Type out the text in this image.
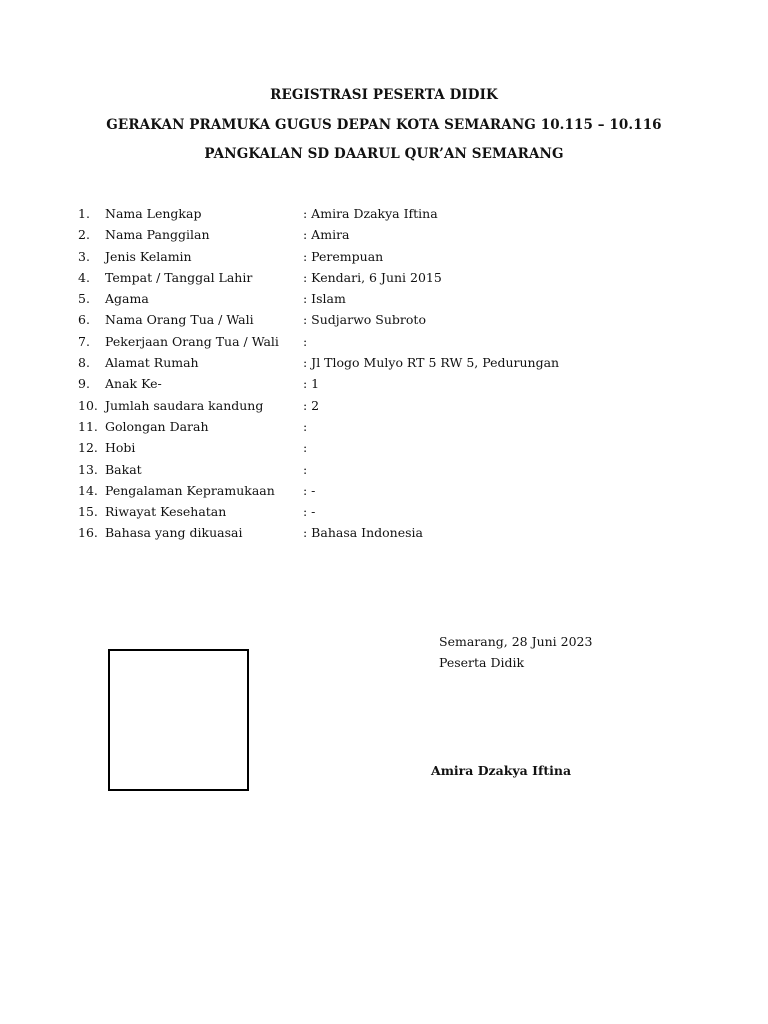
REGISTRASI PESERTA DIDIK
GERAKAN PRAMUKA GUGUS DEPAN KOTA SEMARANG 10.115 – 10.116
PANGKALAN SD DAARUL QUR’AN SEMARANG
1. Nama Lengkap	: Amira Dzakya Iftina
2. Nama Panggilan	: Amira
3. Jenis Kelamin	: Perempuan
4. Tempat / Tanggal Lahir	: Kendari, 6 Juni 2015
5. Agama	: Islam
6. Nama Orang Tua / Wali	: Sudjarwo Subroto
7. Pekerjaan Orang Tua / Wali :
8. Alamat Rumah	: Jl Tlogo Mulyo RT 5 RW 5, Pedurungan
9. Anak Ke-	: 1
10. Jumlah saudara kandung	: 2
11. Golongan Darah	:
12. Hobi	:
13. Bakat	:
14. Pengalaman Kepramukaan : -
15. Riwayat Kesehatan	: -
16. Bahasa yang dikuasai	: Bahasa Indonesia
Semarang, 28 Juni 2023
Peserta Didik
Amira Dzakya Iftina
